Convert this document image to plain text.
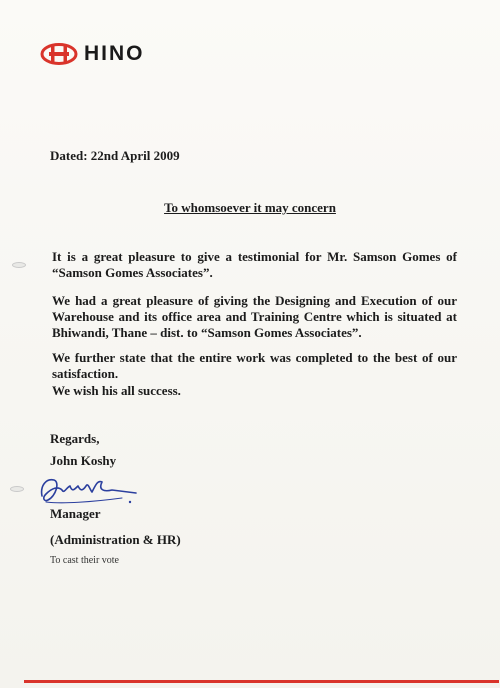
HINO
Dated: 22nd April 2009
To whomsoever it may concern
It is a great pleasure to give a testimonial for Mr. Samson Gomes of “Samson Gomes Associates”.
We had a great pleasure of giving the Designing and Execution of our Warehouse and its office area and Training Centre which is situated at Bhiwandi, Thane – dist. to “Samson Gomes Associates”.
We further state that the entire work was completed to the best of our satisfaction.
We wish his all success.
Regards,
John Koshy
Manager
(Administration & HR)
To cast their vote
